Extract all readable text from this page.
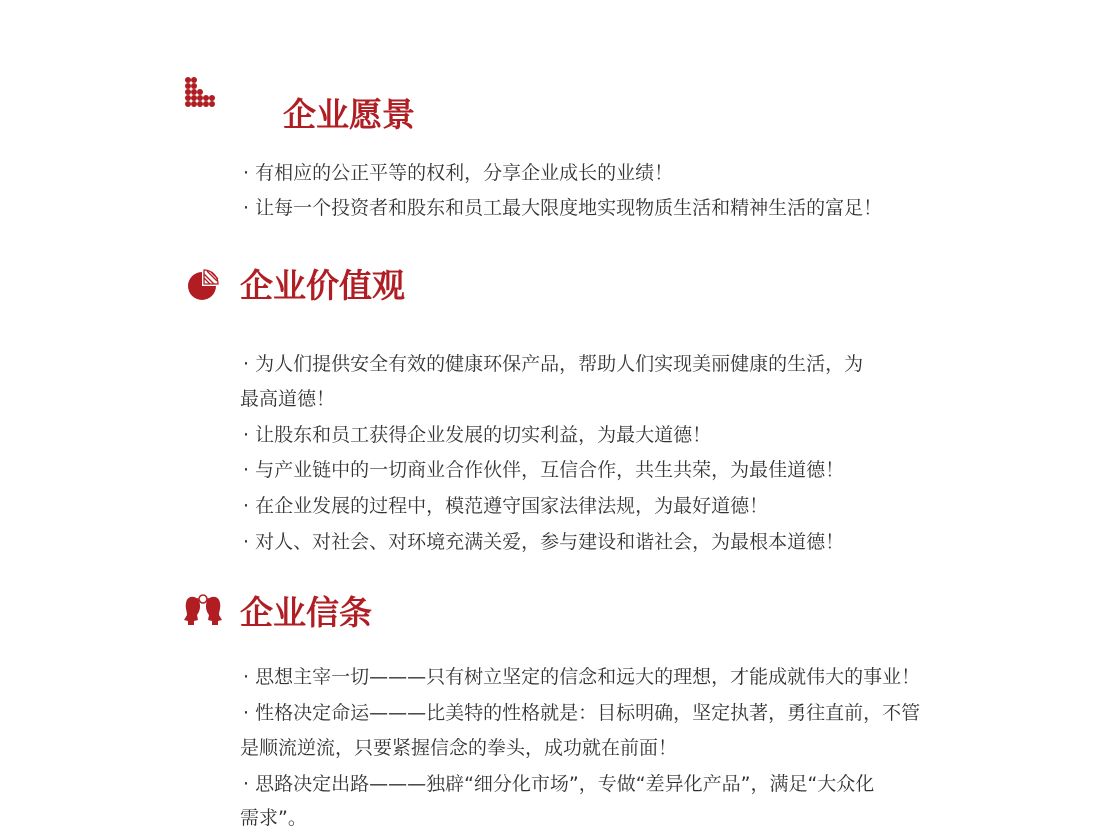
企业愿景

· 有相应的公正平等的权利，分享企业成长的业绩！

· 让每一个投资者和股东和员工最大限度地实现物质生活和精神生活的富足！

企业价值观

· 为人们提供安全有效的健康环保产品，帮助人们实现美丽健康的生活，为

最高道德！

· 让股东和员工获得企业发展的切实利益，为最大道德！

· 与产业链中的一切商业合作伙伴，互信合作，共生共荣，为最佳道德！

· 在企业发展的过程中，模范遵守国家法律法规，为最好道德！

· 对人、对社会、对环境充满关爱，参与建设和谐社会，为最根本道德！

企业信条

· 思想主宰一切———只有树立坚定的信念和远大的理想，才能成就伟大的事业！

· 性格决定命运———比美特的性格就是：目标明确，坚定执著，勇往直前，不管

是顺流逆流，只要紧握信念的拳头，成功就在前面！

· 思路决定出路———独辟“细分化市场”，专做“差异化产品”，满足“大众化

需求”。
